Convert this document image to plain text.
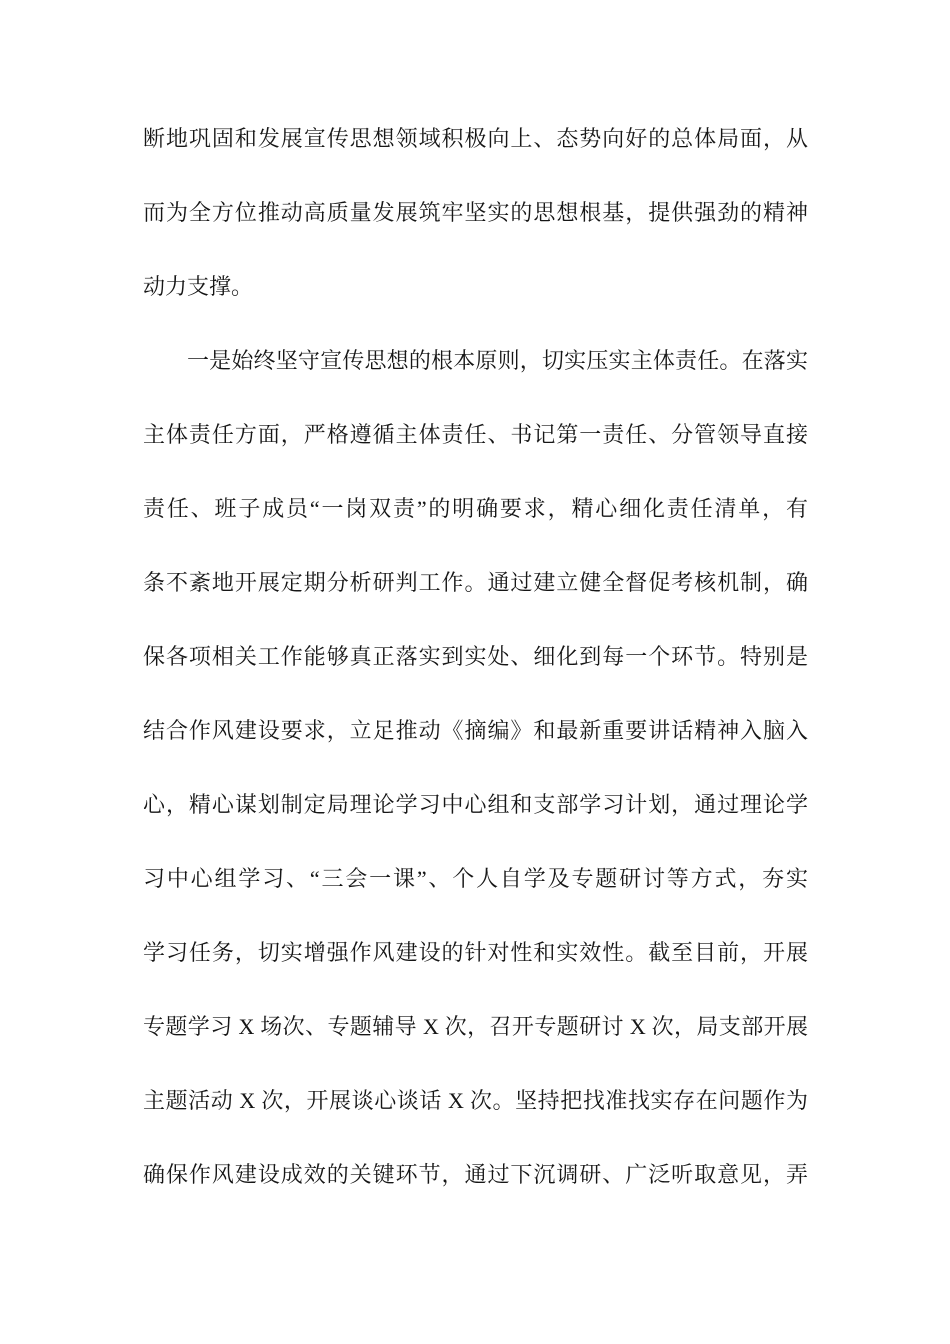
断地巩固和发展宣传思想领域积极向上、态势向好的总体局面，从
而为全方位推动高质量发展筑牢坚实的思想根基，提供强劲的精神
动力支撑。
一是始终坚守宣传思想的根本原则，切实压实主体责任。在落实
主体责任方面，严格遵循主体责任、书记第一责任、分管领导直接
责任、班子成员“一岗双责”的明确要求，精心细化责任清单，有
条不紊地开展定期分析研判工作。通过建立健全督促考核机制，确
保各项相关工作能够真正落实到实处、细化到每一个环节。特别是
结合作风建设要求，立足推动《摘编》和最新重要讲话精神入脑入
心，精心谋划制定局理论学习中心组和支部学习计划，通过理论学
习中心组学习、“三会一课”、个人自学及专题研讨等方式，夯实
学习任务，切实增强作风建设的针对性和实效性。截至目前，开展
专题学习 X 场次、专题辅导 X 次，召开专题研讨 X 次，局支部开展
主题活动 X 次，开展谈心谈话 X 次。坚持把找准找实存在问题作为
确保作风建设成效的关键环节，通过下沉调研、广泛听取意见，弄
